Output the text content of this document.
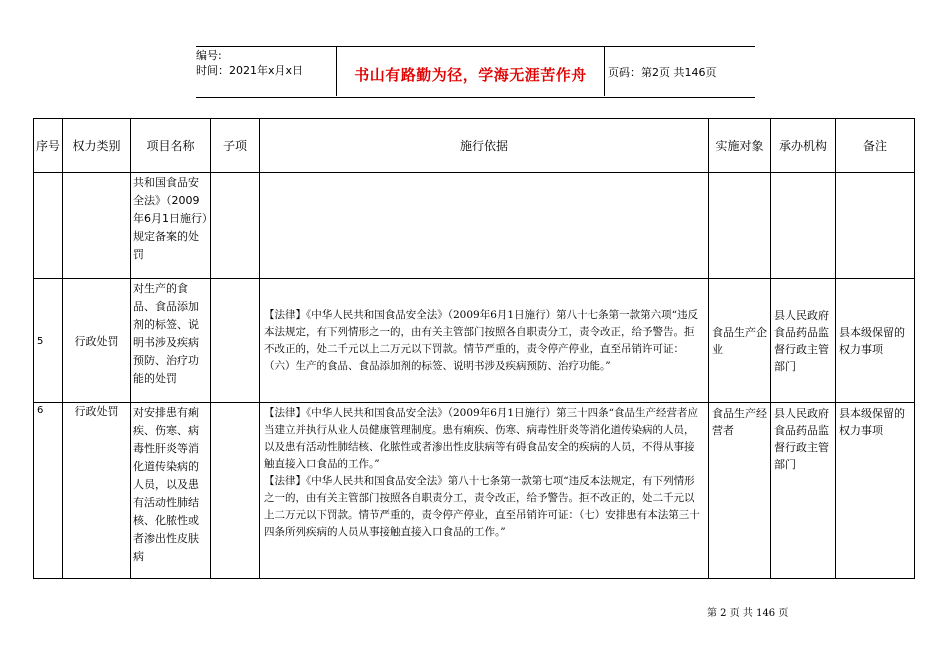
编号:
时间：2021年x月x日	书山有路勤为径，学海无涯苦作舟	页码：第2页 共146页
序号	权力类别	项目名称	子项	施行依据	实施对象	承办机构	备注
		共和国食品安全法》（2009年6月1日施行）规定备案的处罚					
5	行政处罚	对生产的食品、食品添加剂的标签、说明书涉及疾病预防、治疗功能的处罚		【法律】《中华人民共和国食品安全法》（2009年6月1日施行）第八十七条第一款第六项“违反本法规定，有下列情形之一的，由有关主管部门按照各自职责分工，责令改正，给予警告。拒不改正的，处二千元以上二万元以下罚款。情节严重的，责令停产停业，直至吊销许可证：（六）生产的食品、食品添加剂的标签、说明书涉及疾病预防、治疗功能。”	食品生产企业	县人民政府食品药品监督行政主管部门	县本级保留的权力事项
6	行政处罚	对安排患有痢疾、伤寒、病毒性肝炎等消化道传染病的人员，以及患有活动性肺结核、化脓性或者渗出性皮肤病		【法律】《中华人民共和国食品安全法》（2009年6月1日施行）第三十四条“食品生产经营者应当建立并执行从业人员健康管理制度。患有痢疾、伤寒、病毒性肝炎等消化道传染病的人员，以及患有活动性肺结核、化脓性或者渗出性皮肤病等有碍食品安全的疾病的人员，不得从事接触直接入口食品的工作。”

【法律】《中华人民共和国食品安全法》第八十七条第一款第七项“违反本法规定，有下列情形之一的，由有关主管部门按照各自职责分工，责令改正，给予警告。拒不改正的，处二千元以上二万元以下罚款。情节严重的，责令停产停业，直至吊销许可证：（七）安排患有本法第三十四条所列疾病的人员从事接触直接入口食品的工作。”	食品生产经营者	县人民政府食品药品监督行政主管部门	县本级保留的权力事项
第 2 页 共 146 页
